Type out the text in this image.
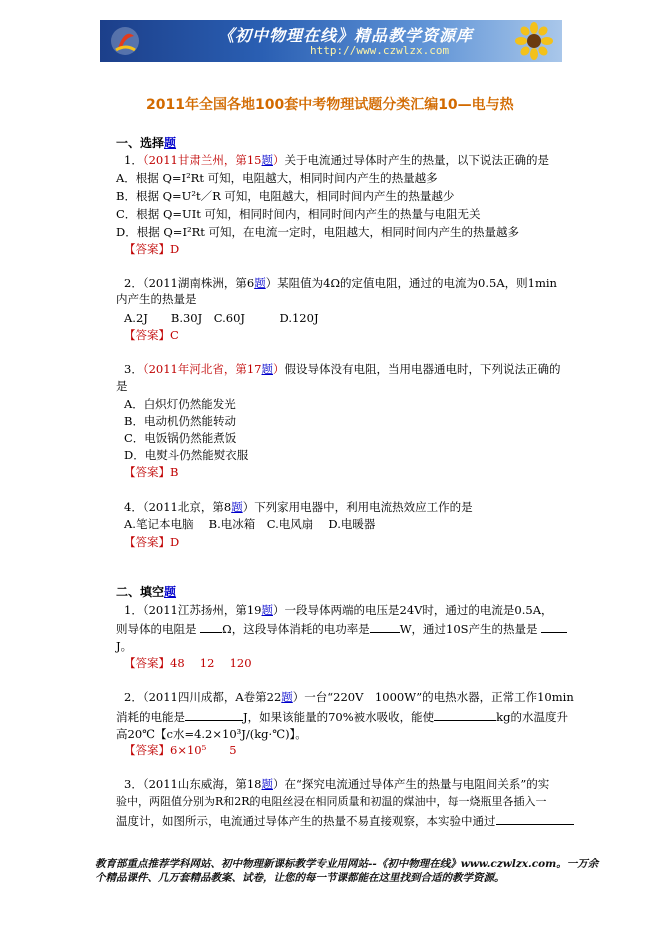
《初中物理在线》精品教学资源库
http://www.czwlzx.com
2011年全国各地100套中考物理试题分类汇编10—电与热
一、选择题
1．（2011甘肃兰州，第15题）关于电流通过导体时产生的热量，以下说法正确的是
A．根据 Q=I²Rt 可知，电阻越大，相同时间内产生的热量越多
B．根据 Q=U²t／R 可知，电阻越大，相同时间内产生的热量越少
C．根据 Q=UIt 可知，相同时间内，相同时间内产生的热量与电阻无关
D．根据 Q=I²Rt 可知，在电流一定时，电阻越大，相同时间内产生的热量越多
【答案】D
2．（2011湖南株洲，第6题）某阻值为4Ω的定值电阻，通过的电流为0.5A，则1min
内产生的热量是
A.2J　　B.30J　C.60J　　　D.120J
【答案】C
3．（2011年河北省，第17题）假设导体没有电阻，当用电器通电时，下列说法正确的
是
A．白炽灯仍然能发光
B．电动机仍然能转动
C．电饭锅仍然能煮饭
D．电熨斗仍然能熨衣服
【答案】B
4．（2011北京，第8题）下列家用电器中，利用电流热效应工作的是
A.笔记本电脑　 B.电冰箱　C.电风扇　 D.电暖器
【答案】D
二、填空题
1．（2011江苏扬州，第19题）一段导体两端的电压是24V时，通过的电流是0.5A，
则导体的电阻是 Ω，这段导体消耗的电功率是	W，通过10S产生的热量是
J。
【答案】48　 12　 120
2．（2011四川成都，A卷第22题）一台“220V　1000W”的电热水器，正常工作10min
消耗的电能是	J，如果该能量的70%被水吸收，能使	kg的水温度升
高20℃【c水=4.2×10³J/(kg·℃)】。
【答案】6×10⁵　　5
3．（2011山东威海，第18题）在“探究电流通过导体产生的热量与电阻间关系”的实
验中，两阻值分别为R和2R的电阻丝浸在相同质量和初温的煤油中，每一烧瓶里各插入一
温度计，如图所示，电流通过导体产生的热量不易直接观察，本实验中通过
教育部重点推荐学科网站、初中物理新课标教学专业用网站--《初中物理在线》www.czwlzx.com。一万余
个精品课件、几万套精品教案、试卷，让您的每一节课都能在这里找到合适的教学资源。
